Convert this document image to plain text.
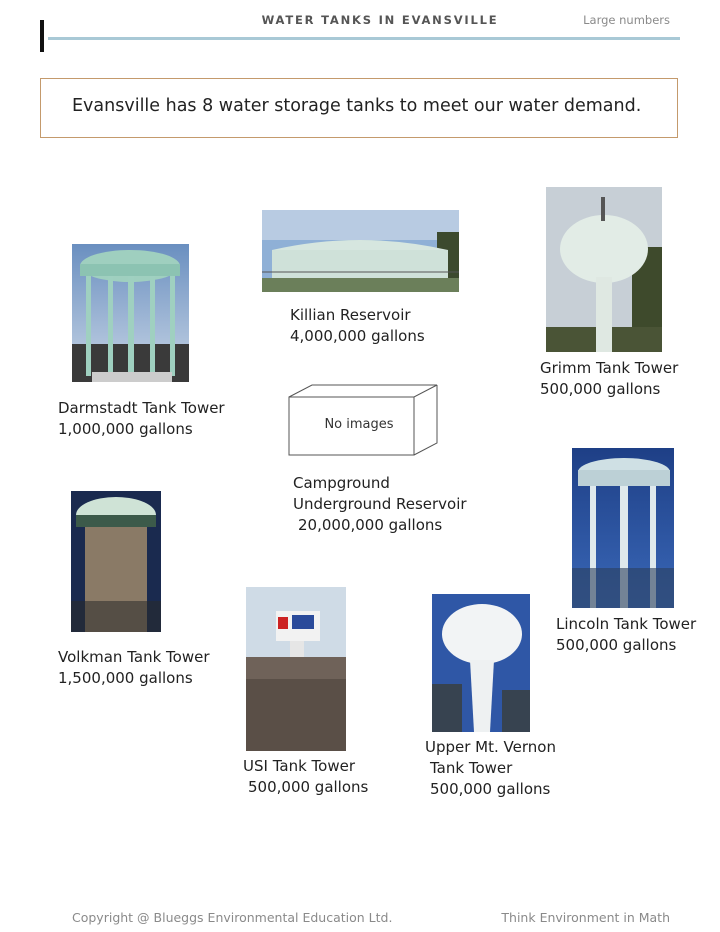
WATER TANKS IN EVANSVILLE	Large numbers
Evansville has 8 water storage tanks to meet our water demand.
Darmstadt Tank Tower
1,000,000 gallons
Killian Reservoir
4,000,000 gallons
Grimm Tank Tower
500,000 gallons
No images
Campground
Underground Reservoir
20,000,000 gallons
Lincoln Tank Tower
500,000 gallons
Volkman Tank Tower
1,500,000 gallons
USI Tank Tower
500,000 gallons
Upper Mt. Vernon
Tank Tower
500,000 gallons
Copyright @ Blueggs Environmental Education Ltd.	Think Environment in Math
